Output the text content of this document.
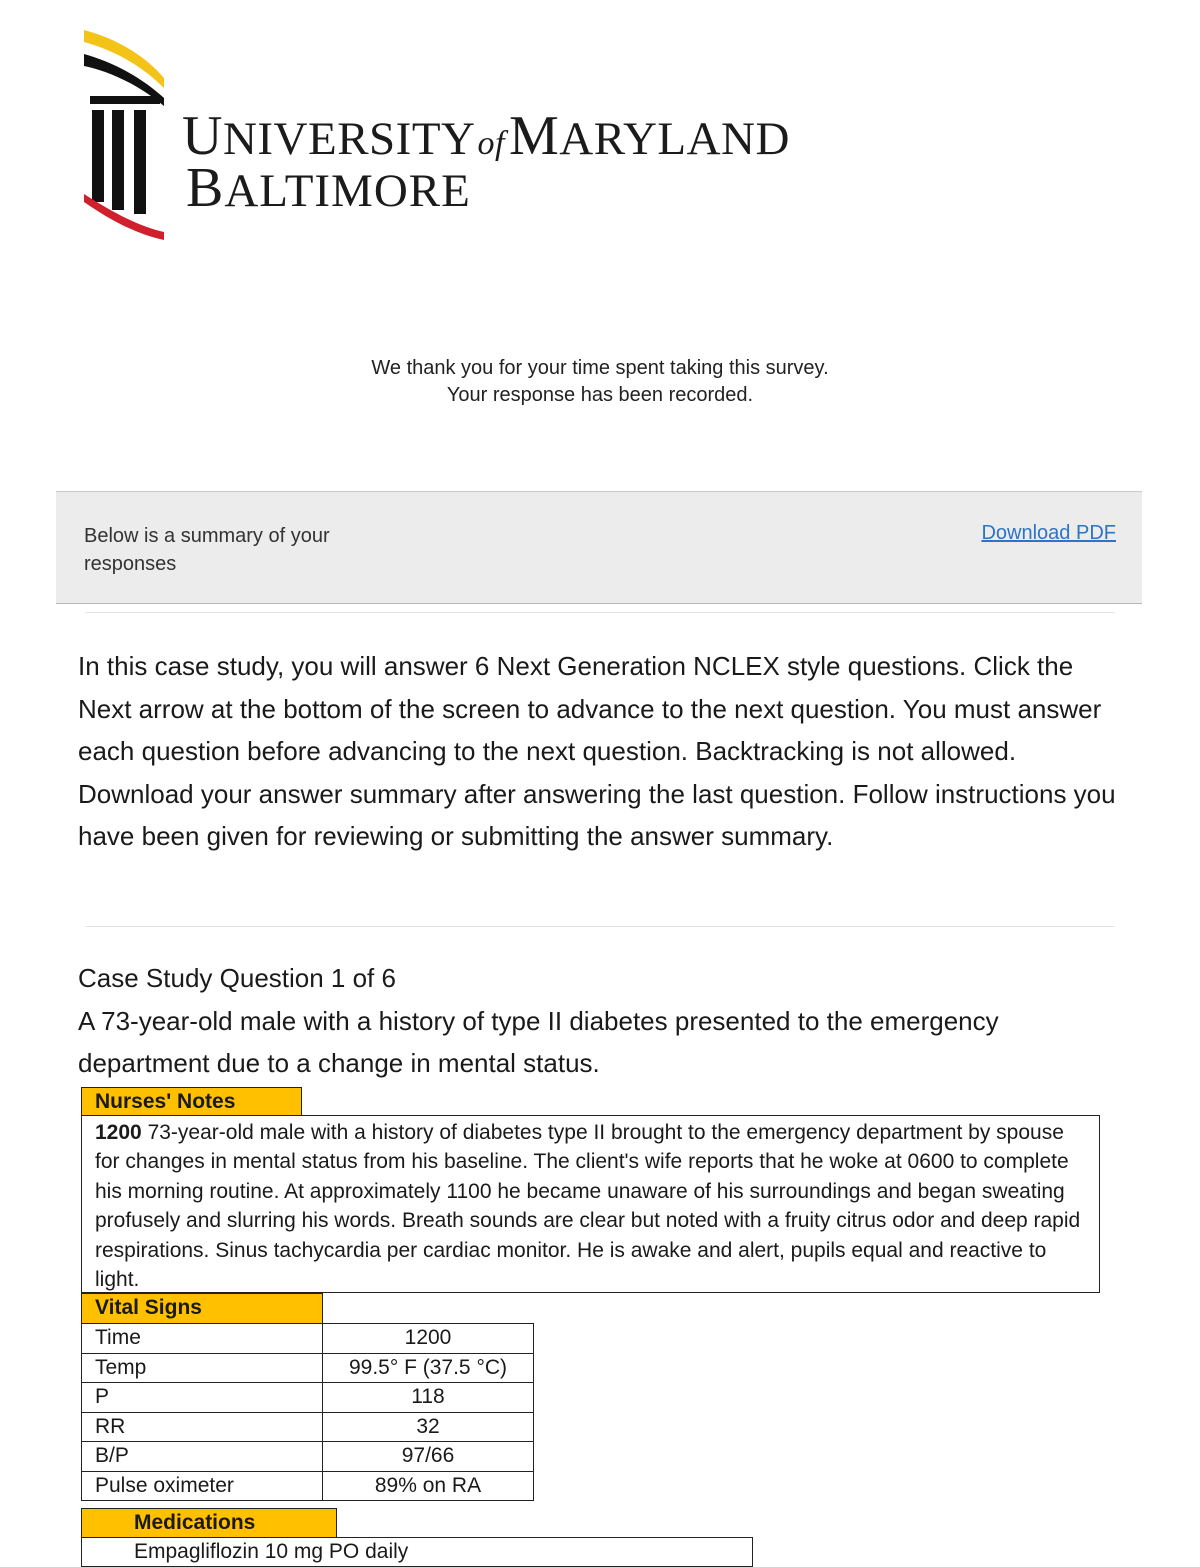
UNIVERSITYofMARYLAND
BALTIMORE
We thank you for your time spent taking this survey.
Your response has been recorded.
Below is a summary of your responses
Download PDF
In this case study, you will answer 6 Next Generation NCLEX style questions. Click the Next arrow at the bottom of the screen to advance to the next question. You must answer each question before advancing to the next question. Backtracking is not allowed. Download your answer summary after answering the last question. Follow instructions you have been given for reviewing or submitting the answer summary.
Case Study Question 1 of 6
A 73-year-old male with a history of type II diabetes presented to the emergency department due to a change in mental status.
Nurses' Notes
1200 73-year-old male with a history of diabetes type II brought to the emergency department by spouse for changes in mental status from his baseline. The client's wife reports that he woke at 0600 to complete his morning routine. At approximately 1100 he became unaware of his surroundings and began sweating profusely and slurring his words. Breath sounds are clear but noted with a fruity citrus odor and deep rapid respirations. Sinus tachycardia per cardiac monitor. He is awake and alert, pupils equal and reactive to light.
Vital Signs
Time	1200
Temp	99.5° F (37.5 °C)
P	118
RR	32
B/P	97/66
Pulse oximeter	89% on RA
Medications
Empagliflozin 10 mg PO daily
